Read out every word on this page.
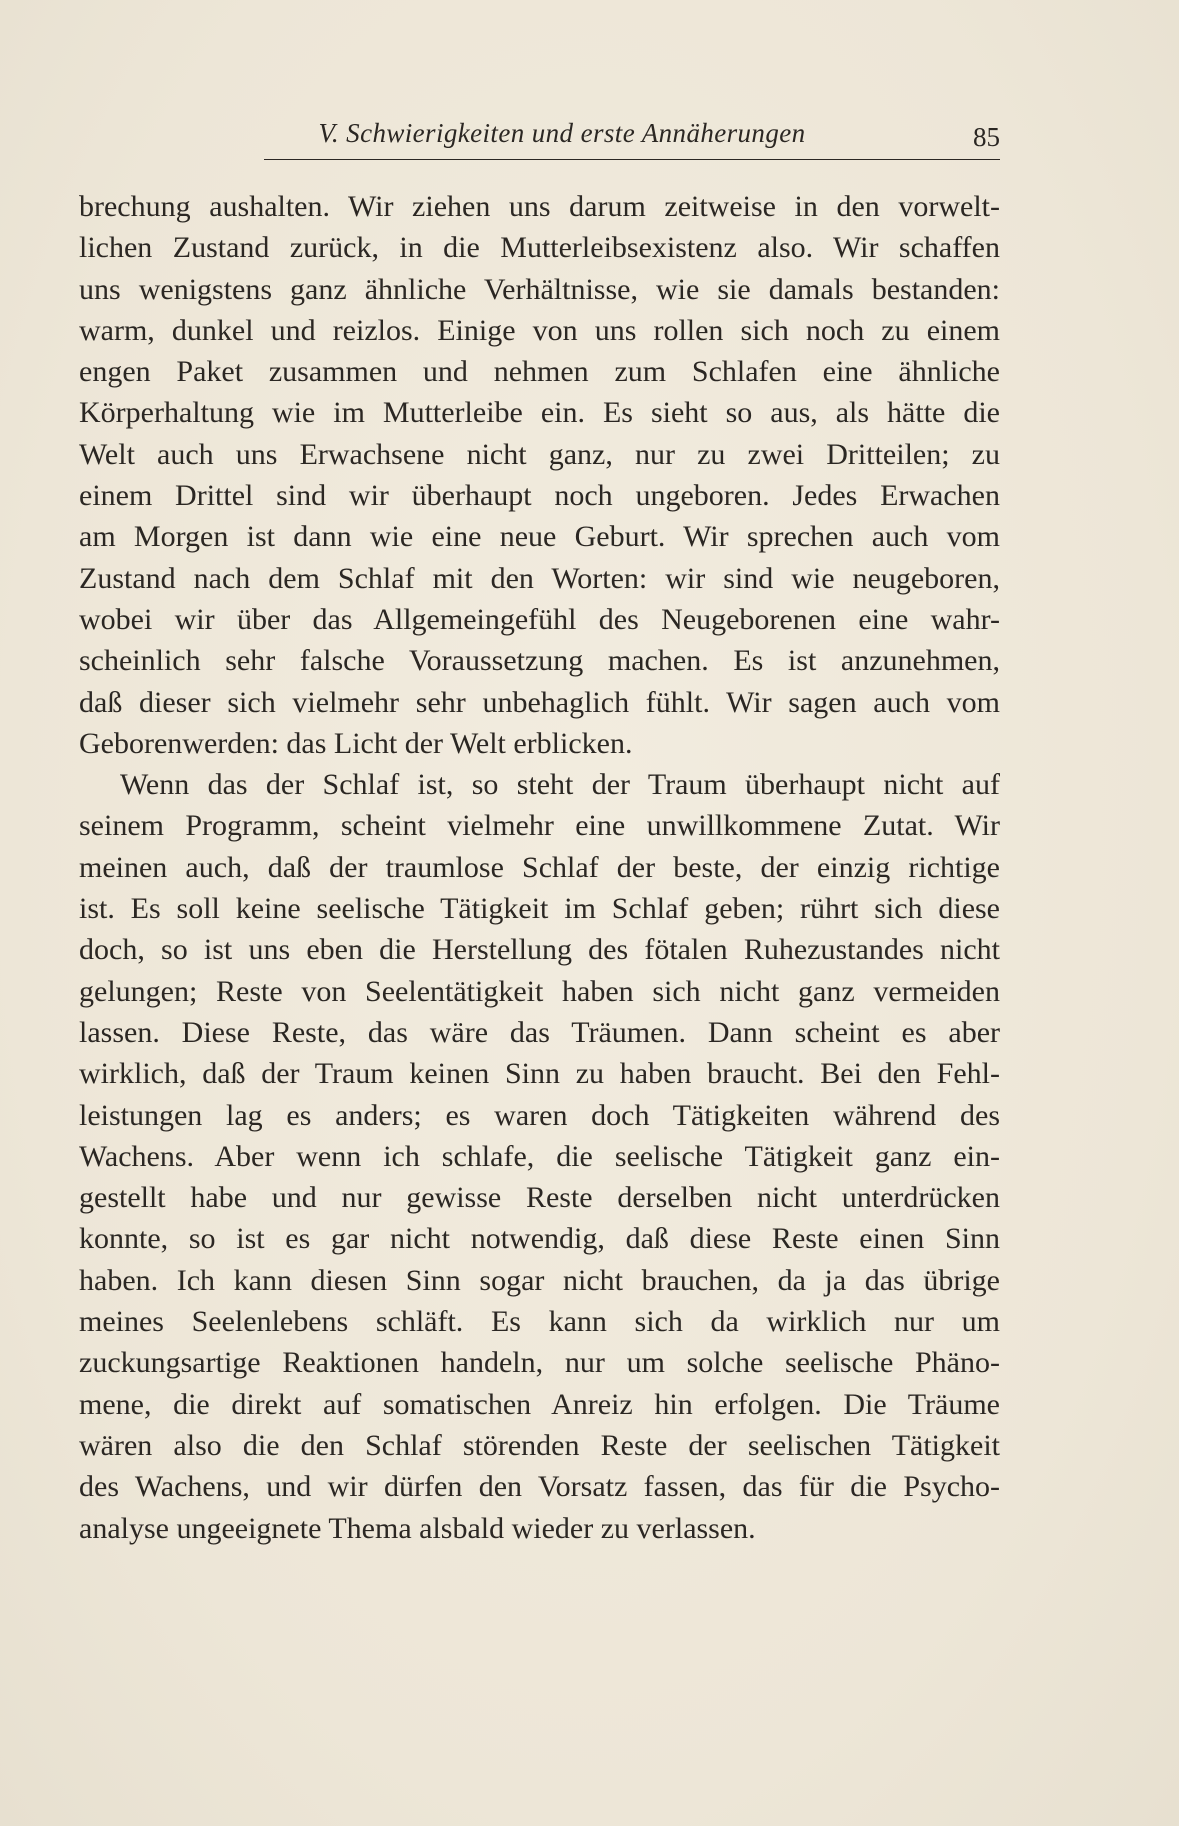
V. Schwierigkeiten und erste Annäherungen	85
brechung aushalten. Wir ziehen uns darum zeitweise in den vorwelt-
lichen Zustand zurück, in die Mutterleibsexistenz also. Wir schaffen
uns wenigstens ganz ähnliche Verhältnisse, wie sie damals bestanden:
warm, dunkel und reizlos. Einige von uns rollen sich noch zu einem
engen Paket zusammen und nehmen zum Schlafen eine ähnliche
Körperhaltung wie im Mutterleibe ein. Es sieht so aus, als hätte die
Welt auch uns Erwachsene nicht ganz, nur zu zwei Dritteilen; zu
einem Drittel sind wir überhaupt noch ungeboren. Jedes Erwachen
am Morgen ist dann wie eine neue Geburt. Wir sprechen auch vom
Zustand nach dem Schlaf mit den Worten: wir sind wie neugeboren,
wobei wir über das Allgemeingefühl des Neugeborenen eine wahr-
scheinlich sehr falsche Voraussetzung machen. Es ist anzunehmen,
daß dieser sich vielmehr sehr unbehaglich fühlt. Wir sagen auch vom
Geborenwerden: das Licht der Welt erblicken.
Wenn das der Schlaf ist, so steht der Traum überhaupt nicht auf
seinem Programm, scheint vielmehr eine unwillkommene Zutat. Wir
meinen auch, daß der traumlose Schlaf der beste, der einzig richtige
ist. Es soll keine seelische Tätigkeit im Schlaf geben; rührt sich diese
doch, so ist uns eben die Herstellung des fötalen Ruhezustandes nicht
gelungen; Reste von Seelentätigkeit haben sich nicht ganz vermeiden
lassen. Diese Reste, das wäre das Träumen. Dann scheint es aber
wirklich, daß der Traum keinen Sinn zu haben braucht. Bei den Fehl-
leistungen lag es anders; es waren doch Tätigkeiten während des
Wachens. Aber wenn ich schlafe, die seelische Tätigkeit ganz ein-
gestellt habe und nur gewisse Reste derselben nicht unterdrücken
konnte, so ist es gar nicht notwendig, daß diese Reste einen Sinn
haben. Ich kann diesen Sinn sogar nicht brauchen, da ja das übrige
meines Seelenlebens schläft. Es kann sich da wirklich nur um
zuckungsartige Reaktionen handeln, nur um solche seelische Phäno-
mene, die direkt auf somatischen Anreiz hin erfolgen. Die Träume
wären also die den Schlaf störenden Reste der seelischen Tätigkeit
des Wachens, und wir dürfen den Vorsatz fassen, das für die Psycho-
analyse ungeeignete Thema alsbald wieder zu verlassen.
